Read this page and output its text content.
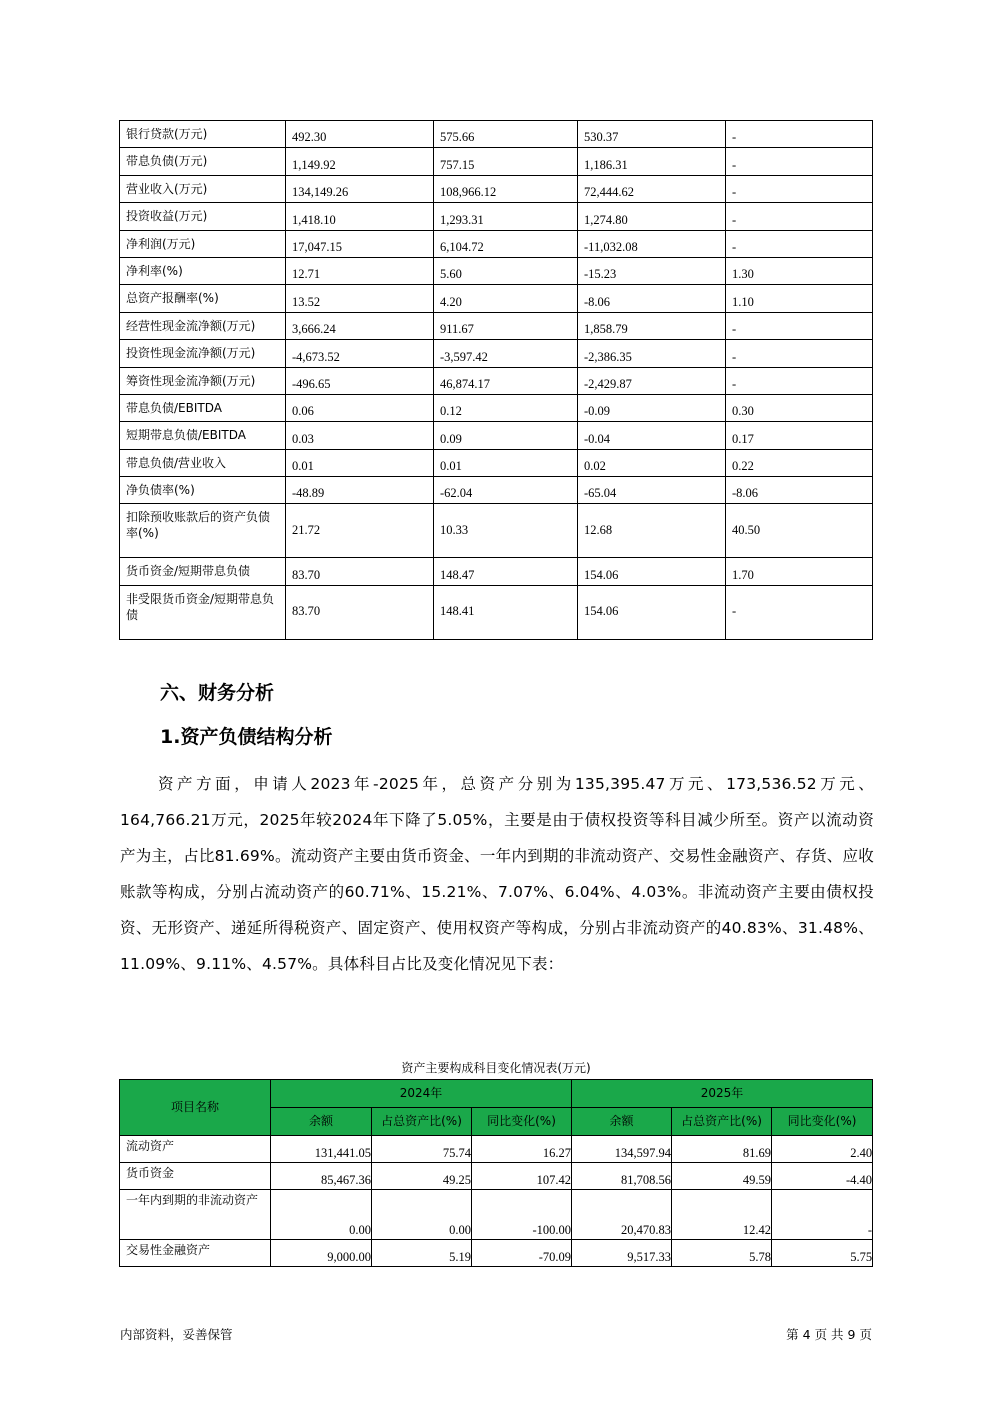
银行贷款(万元)	492.30	575.66	530.37	-
带息负债(万元)	1,149.92	757.15	1,186.31	-
营业收入(万元)	134,149.26	108,966.12	72,444.62	-
投资收益(万元)	1,418.10	1,293.31	1,274.80	-
净利润(万元)	17,047.15	6,104.72	-11,032.08	-
净利率(%)	12.71	5.60	-15.23	1.30
总资产报酬率(%)	13.52	4.20	-8.06	1.10
经营性现金流净额(万元)	3,666.24	911.67	1,858.79	-
投资性现金流净额(万元)	-4,673.52	-3,597.42	-2,386.35	-
筹资性现金流净额(万元)	-496.65	46,874.17	-2,429.87	-
带息负债/EBITDA	0.06	0.12	-0.09	0.30
短期带息负债/EBITDA	0.03	0.09	-0.04	0.17
带息负债/营业收入	0.01	0.01	0.02	0.22
净负债率(%)	-48.89	-62.04	-65.04	-8.06
扣除预收账款后的资产负债率(%)	21.72	10.33	12.68	40.50
货币资金/短期带息负债	83.70	148.47	154.06	1.70
非受限货币资金/短期带息负债	83.70	148.41	154.06	-
六、财务分析
1.资产负债结构分析

资产方面，申请人2023年-2025年，总资产分别为135,395.47万元、173,536.52万元、164,766.21万元，2025年较2024年下降了5.05%，主要是由于债权投资等科目减少所至。资产以流动资产为主，占比81.69%。流动资产主要由货币资金、一年内到期的非流动资产、交易性金融资产、存货、应收账款等构成，分别占流动资产的60.71%、15.21%、7.07%、6.04%、4.03%。非流动资产主要由债权投资、无形资产、递延所得税资产、固定资产、使用权资产等构成，分别占非流动资产的40.83%、31.48%、11.09%、9.11%、4.57%。具体科目占比及变化情况见下表：

资产主要构成科目变化情况表(万元)
项目名称	2024年			2025年		
	余额	占总资产比(%)	同比变化(%)	余额	占总资产比(%)	同比变化(%)
流动资产	131,441.05	75.74	16.27	134,597.94	81.69	2.40
货币资金	85,467.36	49.25	107.42	81,708.56	49.59	-4.40
一年内到期的非流动资产	0.00	0.00	-100.00	20,470.83	12.42	-
交易性金融资产	9,000.00	5.19	-70.09	9,517.33	5.78	5.75
内部资料，妥善保管	第 4 页 共 9 页
